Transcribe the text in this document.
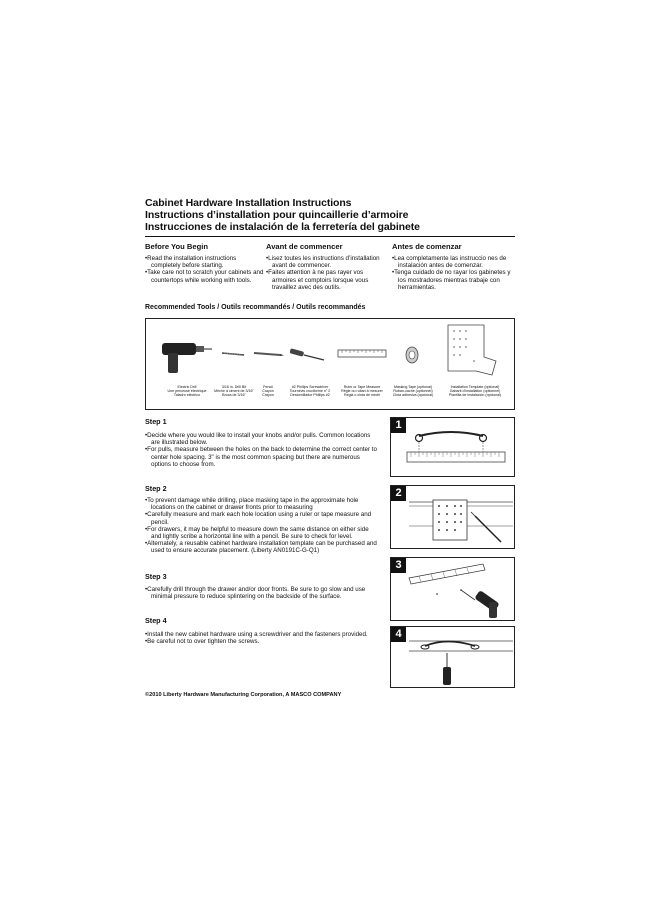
Cabinet Hardware Installation Instructions
Instructions d’installation pour quincaillerie d’armoire
Instrucciones de instalación de la ferretería del gabinete
Before You Begin
• Read the installation instructions completely before starting.
• Take care not to scratch your cabinets and countertops while working with tools.
Avant de commencer
• Lisez toutes les instructions d’installation avant de commencer.
• Faites attention à ne pas rayer vos armoires et comptoirs lorsque vous travaillez avec des outils.
Antes de comenzar
• Lea completamente las instruccio nes de instalación antes de comenzar.
• Tenga cuidado de no rayar los gabinetes y los mostradores mientras trabaje con herramientas.
Recommended Tools / Outils recommandés / Outils recommandés
Electric Drill
Une perceuse électrique
Taladro eléctrico
3/16 in. Drill Bit
Mèche à ciment de 3/16"
Broca de 3/16"
Pencil
Crayon
Crayon
#2 Phillips Screwdriver
Tournevis cruciforme n° 2
Destornillador Phillips #2
Ruler or Tape Measure
Règle ou ruban à mesurer
Regla o cinta de medir
Masking Tape (optional)
Ruban-cache (optionnel)
Cinta adhesiva (opcional)
Installation Template (optional)
Gabarit d’installation (optionnel)
Plantilla de instalación (opcional)
Step 1
• Decide where you would like to install your knobs and/or pulls. Common locations are illustrated below.
• For pulls, measure between the holes on the back to determine the correct center to center hole spacing. 3" is the most common spacing but there are numerous options to choose from.
1
Step 2
• To prevent damage while drilling, place masking tape in the approximate hole locations on the cabinet or drawer fronts prior to measuring
• Carefully measure and mark each hole location using a ruler or tape measure and pencil.
• For drawers, it may be helpful to measure down the same distance on either side and lightly scribe a horizontal line with a pencil. Be sure to check for level.
• Alternately, a reusable cabinet hardware installation template can be purchased and used to ensure accurate placement. (Liberty AN0191C-G-Q1)
2
Step 3
• Carefully drill through the drawer and/or door fronts. Be sure to go slow and use minimal pressure to reduce splintering on the backside of the surface.
3
Step 4
• Install the new cabinet hardware using a screwdriver and the fasteners provided.
• Be careful not to over tighten the screws.
4
©2010 Liberty Hardware Manufacturing Corporation, A MASCO COMPANY
